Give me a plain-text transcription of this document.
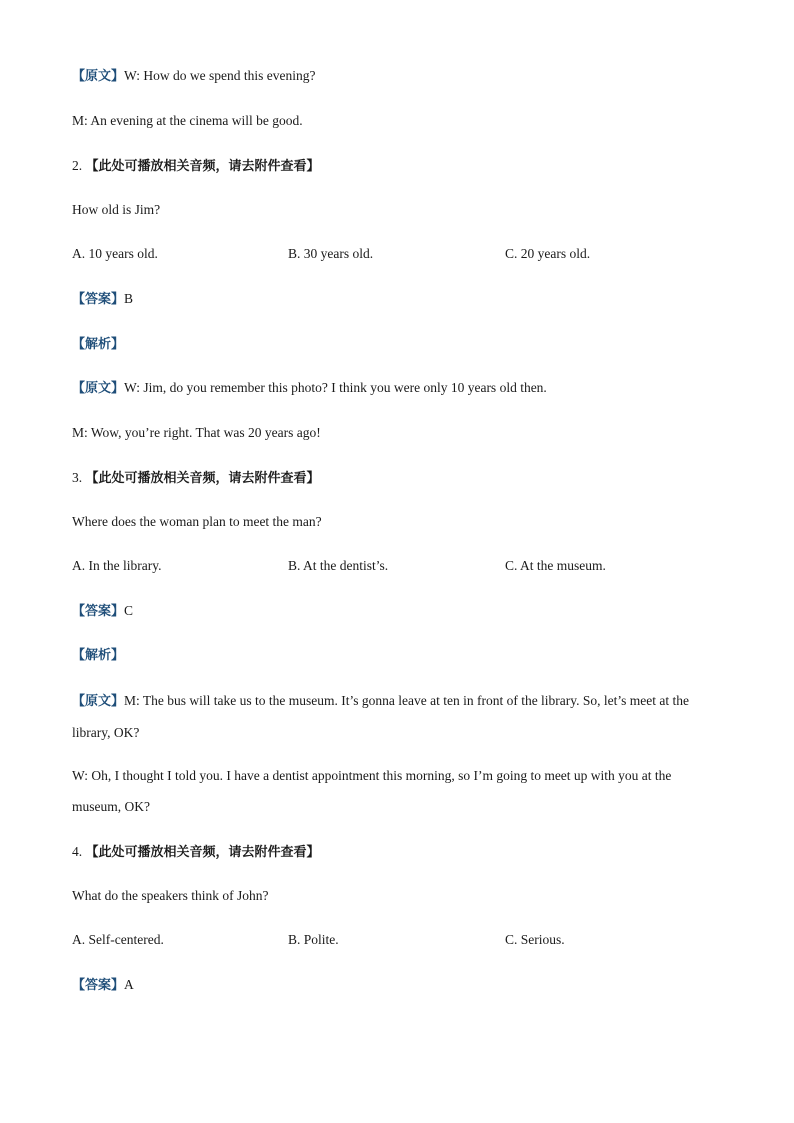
【原文】W: How do we spend this evening?
M: An evening at the cinema will be good.
2. 【此处可播放相关音频，请去附件查看】
How old is Jim?
A. 10 years old.	B. 30 years old.	C. 20 years old.
【答案】B
【解析】
【原文】W: Jim, do you remember this photo? I think you were only 10 years old then.
M: Wow, you’re right. That was 20 years ago!
3. 【此处可播放相关音频，请去附件查看】
Where does the woman plan to meet the man?
A. In the library.	B. At the dentist’s.	C. At the museum.
【答案】C
【解析】
【原文】M: The bus will take us to the museum. It’s gonna leave at ten in front of the library. So, let’s meet at the library, OK?
W: Oh, I thought I told you. I have a dentist appointment this morning, so I’m going to meet up with you at the museum, OK?
4. 【此处可播放相关音频，请去附件查看】
What do the speakers think of John?
A. Self-centered.	B. Polite.	C. Serious.
【答案】A
